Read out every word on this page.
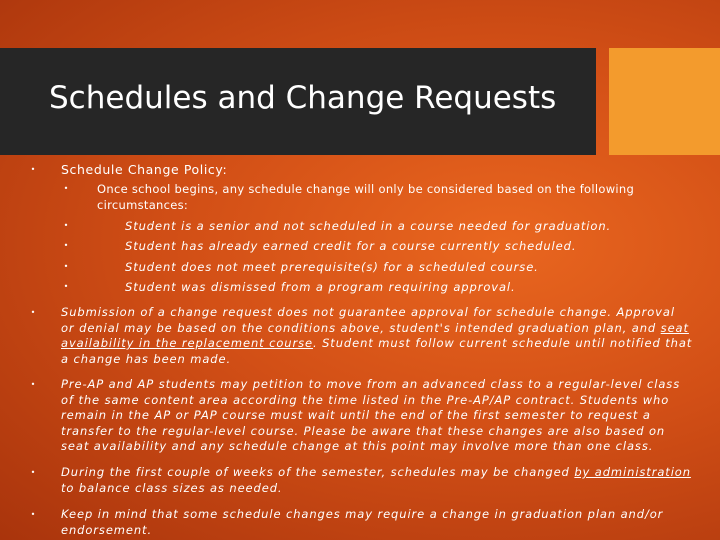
Schedules and Change Requests
• Schedule Change Policy:
• Once school begins, any schedule change will only be considered based on the following circumstances:
•	Student is a senior and not scheduled in a course needed for graduation.
•	Student has already earned credit for a course currently scheduled.
•	Student does not meet prerequisite(s) for a scheduled course.
•	Student was dismissed from a program requiring approval.
• Submission of a change request does not guarantee approval for schedule change. Approval or denial may be based on the conditions above, student's intended graduation plan, and seat availability in the replacement course. Student must follow current schedule until notified that a change has been made.
• Pre-AP and AP students may petition to move from an advanced class to a regular-level class of the same content area according the time listed in the Pre-AP/AP contract. Students who remain in the AP or PAP course must wait until the end of the first semester to request a transfer to the regular-level course. Please be aware that these changes are also based on seat availability and any schedule change at this point may involve more than one class.
• During the first couple of weeks of the semester, schedules may be changed by administration to balance class sizes as needed.
• Keep in mind that some schedule changes may require a change in graduation plan and/or endorsement.
